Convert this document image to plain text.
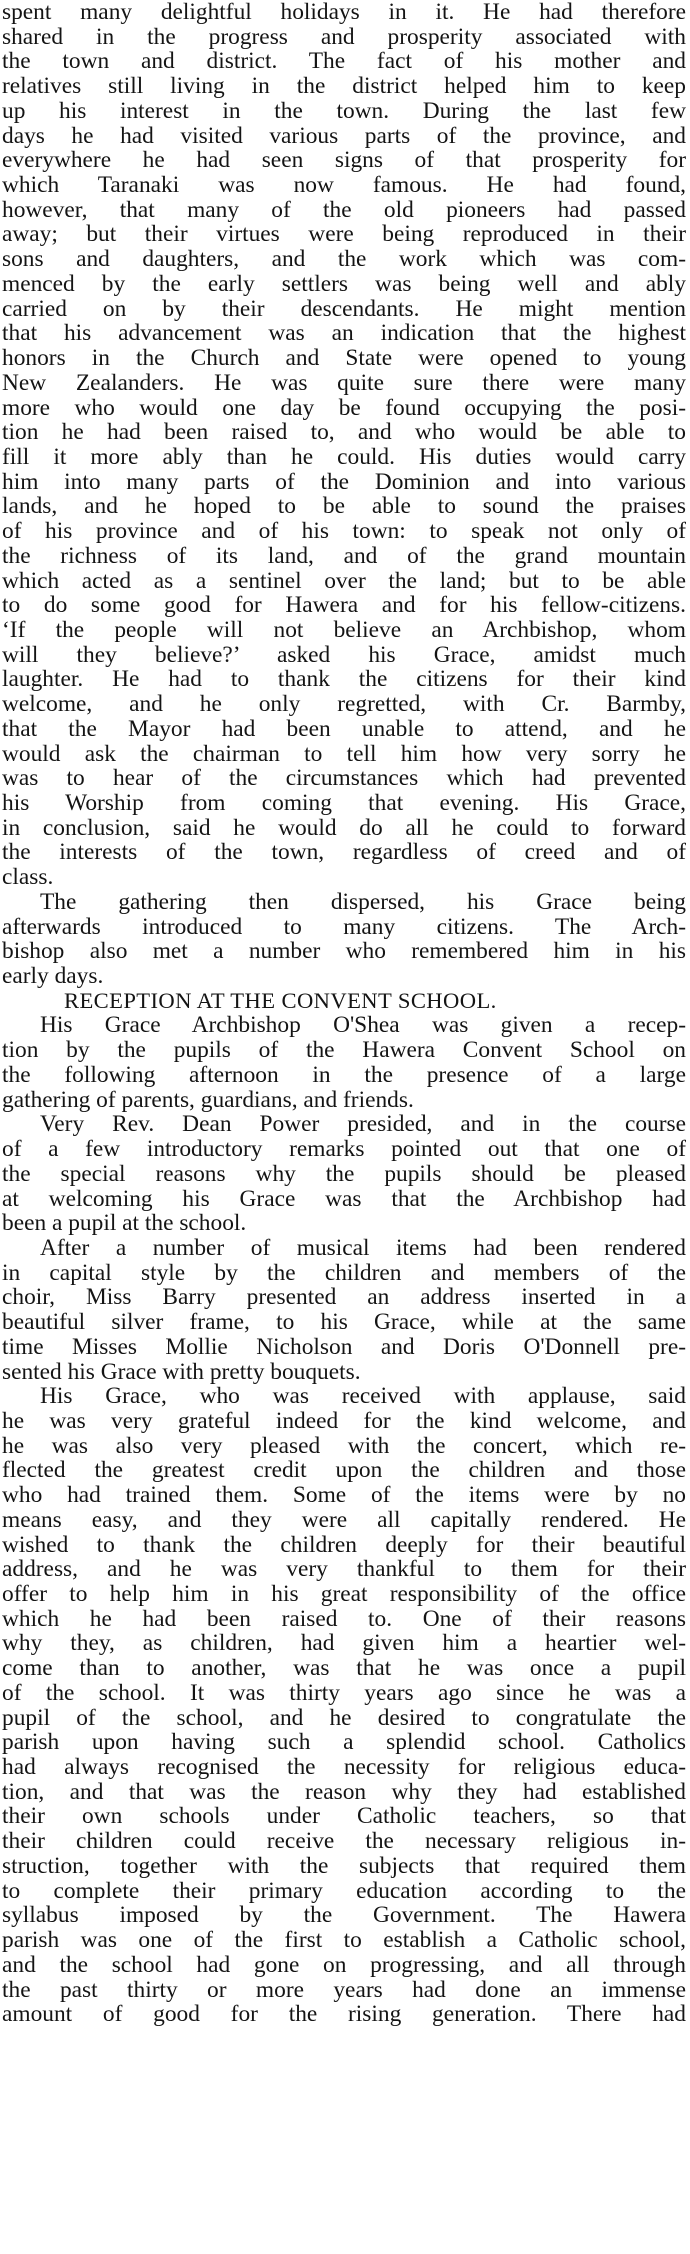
spent many delightful holidays in it. He had therefore
shared in the progress and prosperity associated with
the town and district. The fact of his mother and
relatives still living in the district helped him to keep
up his interest in the town. During the last few
days he had visited various parts of the province, and
everywhere he had seen signs of that prosperity for
which Taranaki was now famous. He had found,
however, that many of the old pioneers had passed
away; but their virtues were being reproduced in their
sons and daughters, and the work which was com-
menced by the early settlers was being well and ably
carried on by their descendants. He might mention
that his advancement was an indication that the highest
honors in the Church and State were opened to young
New Zealanders. He was quite sure there were many
more who would one day be found occupying the posi-
tion he had been raised to, and who would be able to
fill it more ably than he could. His duties would carry
him into many parts of the Dominion and into various
lands, and he hoped to be able to sound the praises
of his province and of his town: to speak not only of
the richness of its land, and of the grand mountain
which acted as a sentinel over the land; but to be able
to do some good for Hawera and for his fellow-citizens.
‘If the people will not believe an Archbishop, whom
will they believe?’ asked his Grace, amidst much
laughter. He had to thank the citizens for their kind
welcome, and he only regretted, with Cr. Barmby,
that the Mayor had been unable to attend, and he
would ask the chairman to tell him how very sorry he
was to hear of the circumstances which had prevented
his Worship from coming that evening. His Grace,
in conclusion, said he would do all he could to forward
the interests of the town, regardless of creed and of
class.
The gathering then dispersed, his Grace being
afterwards introduced to many citizens. The Arch-
bishop also met a number who remembered him in his
early days.
RECEPTION AT THE CONVENT SCHOOL.
His Grace Archbishop O'Shea was given a recep-
tion by the pupils of the Hawera Convent School on
the following afternoon in the presence of a large
gathering of parents, guardians, and friends.
Very Rev. Dean Power presided, and in the course
of a few introductory remarks pointed out that one of
the special reasons why the pupils should be pleased
at welcoming his Grace was that the Archbishop had
been a pupil at the school.
After a number of musical items had been rendered
in capital style by the children and members of the
choir, Miss Barry presented an address inserted in a
beautiful silver frame, to his Grace, while at the same
time Misses Mollie Nicholson and Doris O'Donnell pre-
sented his Grace with pretty bouquets.
His Grace, who was received with applause, said
he was very grateful indeed for the kind welcome, and
he was also very pleased with the concert, which re-
flected the greatest credit upon the children and those
who had trained them. Some of the items were by no
means easy, and they were all capitally rendered. He
wished to thank the children deeply for their beautiful
address, and he was very thankful to them for their
offer to help him in his great responsibility of the office
which he had been raised to. One of their reasons
why they, as children, had given him a heartier wel-
come than to another, was that he was once a pupil
of the school. It was thirty years ago since he was a
pupil of the school, and he desired to congratulate the
parish upon having such a splendid school. Catholics
had always recognised the necessity for religious educa-
tion, and that was the reason why they had established
their own schools under Catholic teachers, so that
their children could receive the necessary religious in-
struction, together with the subjects that required them
to complete their primary education according to the
syllabus imposed by the Government. The Hawera
parish was one of the first to establish a Catholic school,
and the school had gone on progressing, and all through
the past thirty or more years had done an immense
amount of good for the rising generation. There had
